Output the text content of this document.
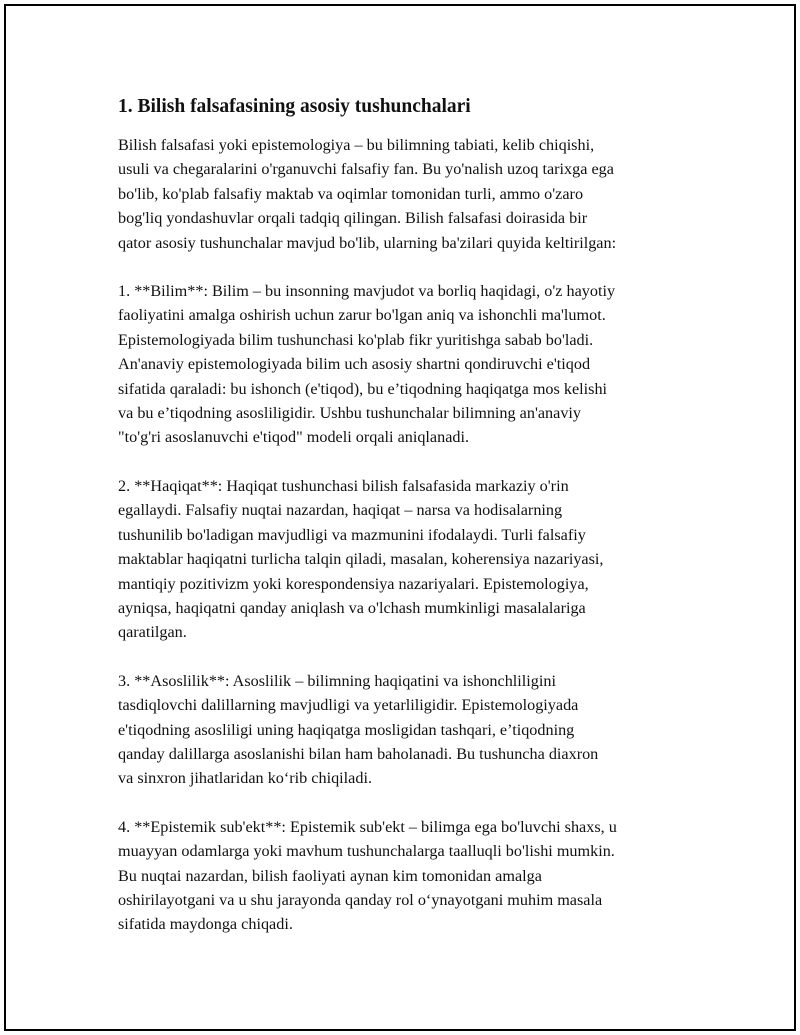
1. Bilish falsafasining asosiy tushunchalari

Bilish falsafasi yoki epistemologiya – bu bilimning tabiati, kelib chiqishi,
usuli va chegaralarini o'rganuvchi falsafiy fan. Bu yo'nalish uzoq tarixga ega
bo'lib, ko'plab falsafiy maktab va oqimlar tomonidan turli, ammo o'zaro
bog'liq yondashuvlar orqali tadqiq qilingan. Bilish falsafasi doirasida bir
qator asosiy tushunchalar mavjud bo'lib, ularning ba'zilari quyida keltirilgan:

1. **Bilim**: Bilim – bu insonning mavjudot va borliq haqidagi, o'z hayotiy
faoliyatini amalga oshirish uchun zarur bo'lgan aniq va ishonchli ma'lumot.
Epistemologiyada bilim tushunchasi ko'plab fikr yuritishga sabab bo'ladi.
An'anaviy epistemologiyada bilim uch asosiy shartni qondiruvchi e'tiqod
sifatida qaraladi: bu ishonch (e'tiqod), bu e’tiqodning haqiqatga mos kelishi
va bu e’tiqodning asosliligidir. Ushbu tushunchalar bilimning an'anaviy
"to'g'ri asoslanuvchi e'tiqod" modeli orqali aniqlanadi.

2. **Haqiqat**: Haqiqat tushunchasi bilish falsafasida markaziy o'rin
egallaydi. Falsafiy nuqtai nazardan, haqiqat – narsa va hodisalarning
tushunilib bo'ladigan mavjudligi va mazmunini ifodalaydi. Turli falsafiy
maktablar haqiqatni turlicha talqin qiladi, masalan, koherensiya nazariyasi,
mantiqiy pozitivizm yoki korespondensiya nazariyalari. Epistemologiya,
ayniqsa, haqiqatni qanday aniqlash va o'lchash mumkinligi masalalariga
qaratilgan.

3. **Asoslilik**: Asoslilik – bilimning haqiqatini va ishonchliligini
tasdiqlovchi dalillarning mavjudligi va yetarliligidir. Epistemologiyada
e'tiqodning asosliligi uning haqiqatga mosligidan tashqari, e’tiqodning
qanday dalillarga asoslanishi bilan ham baholanadi. Bu tushuncha diaxron
va sinxron jihatlaridan ko‘rib chiqiladi.

4. **Epistemik sub'ekt**: Epistemik sub'ekt – bilimga ega bo'luvchi shaxs, u
muayyan odamlarga yoki mavhum tushunchalarga taalluqli bo'lishi mumkin.
Bu nuqtai nazardan, bilish faoliyati aynan kim tomonidan amalga
oshirilayotgani va u shu jarayonda qanday rol o‘ynayotgani muhim masala
sifatida maydonga chiqadi.
